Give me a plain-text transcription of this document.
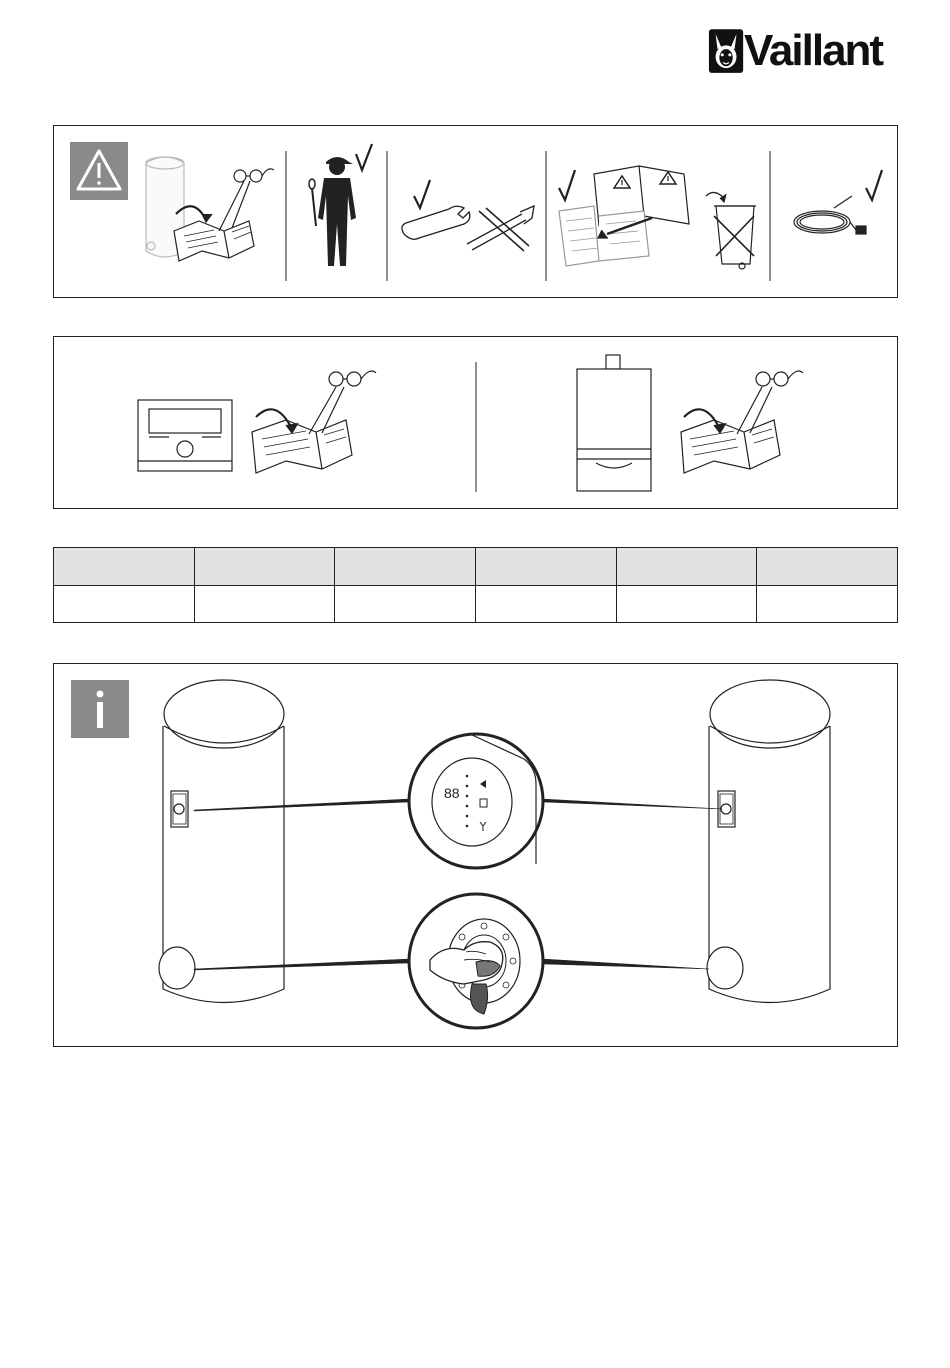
Vaillant

88
